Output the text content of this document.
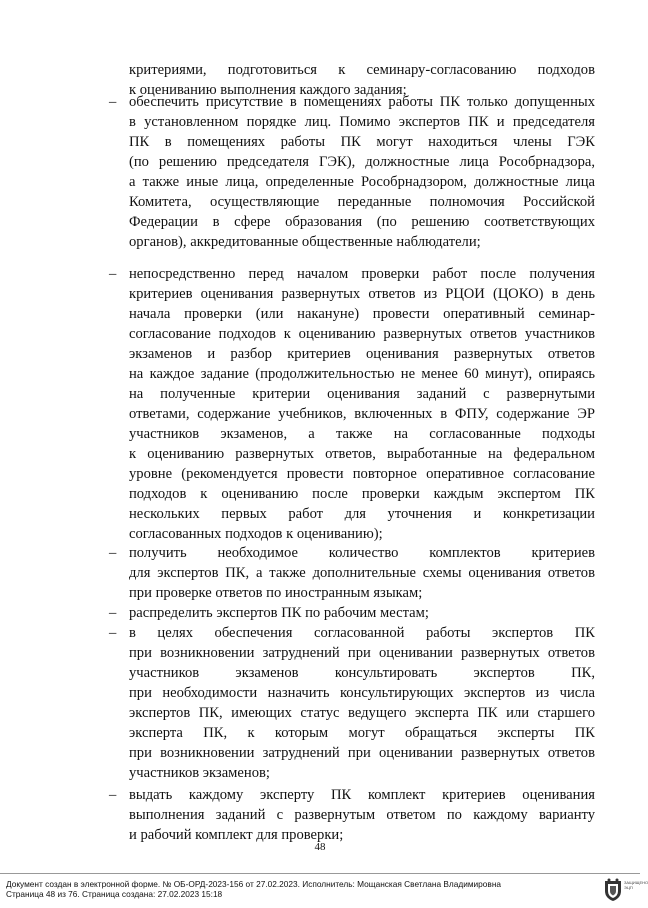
–
–
–
–
–
–
критериями, подготовиться к семинару-согласованию подходов
к оцениванию выполнения каждого задания;
обеспечить присутствие в помещениях работы ПК только допущенных
в установленном порядке лиц. Помимо экспертов ПК и председателя
ПК в помещениях работы ПК могут находиться члены ГЭК
(по решению председателя ГЭК), должностные лица Рособрнадзора,
а также иные лица, определенные Рособрнадзором, должностные лица
Комитета, осуществляющие переданные полномочия Российской
Федерации в сфере образования (по решению соответствующих
органов), аккредитованные общественные наблюдатели;
непосредственно перед началом проверки работ после получения
критериев оценивания развернутых ответов из РЦОИ (ЦОКО) в день
начала проверки (или накануне) провести оперативный семинар-
согласование подходов к оцениванию развернутых ответов участников
экзаменов и разбор критериев оценивания развернутых ответов
на каждое задание (продолжительностью не менее 60 минут), опираясь
на полученные критерии оценивания заданий с развернутыми
ответами, содержание учебников, включенных в ФПУ, содержание ЭР
участников экзаменов, а также на согласованные подходы
к оцениванию развернутых ответов, выработанные на федеральном
уровне (рекомендуется провести повторное оперативное согласование
подходов к оцениванию после проверки каждым экспертом ПК
нескольких первых работ для уточнения и конкретизации
согласованных подходов к оцениванию);
получить необходимое количество комплектов критериев
для экспертов ПК, а также дополнительные схемы оценивания ответов
при проверке ответов по иностранным языкам;
распределить экспертов ПК по рабочим местам;
в целях обеспечения согласованной работы экспертов ПК
при возникновении затруднений при оценивании развернутых ответов
участников экзаменов консультировать экспертов ПК,
при необходимости назначить консультирующих экспертов из числа
экспертов ПК, имеющих статус ведущего эксперта ПК или старшего
эксперта ПК, к которым могут обращаться эксперты ПК
при возникновении затруднений при оценивании развернутых ответов
участников экзаменов;
выдать каждому эксперту ПК комплект критериев оценивания
выполнения заданий с развернутым ответом по каждому варианту
и рабочий комплект для проверки;
48
Документ создан в электронной форме. № ОБ-ОРД-2023-156 от 27.02.2023. Исполнитель: Мощанская Светлана Владимировна
Страница 48 из 76. Страница создана: 27.02.2023 15:18
ЗАЩИЩЕНО ЭЦП
